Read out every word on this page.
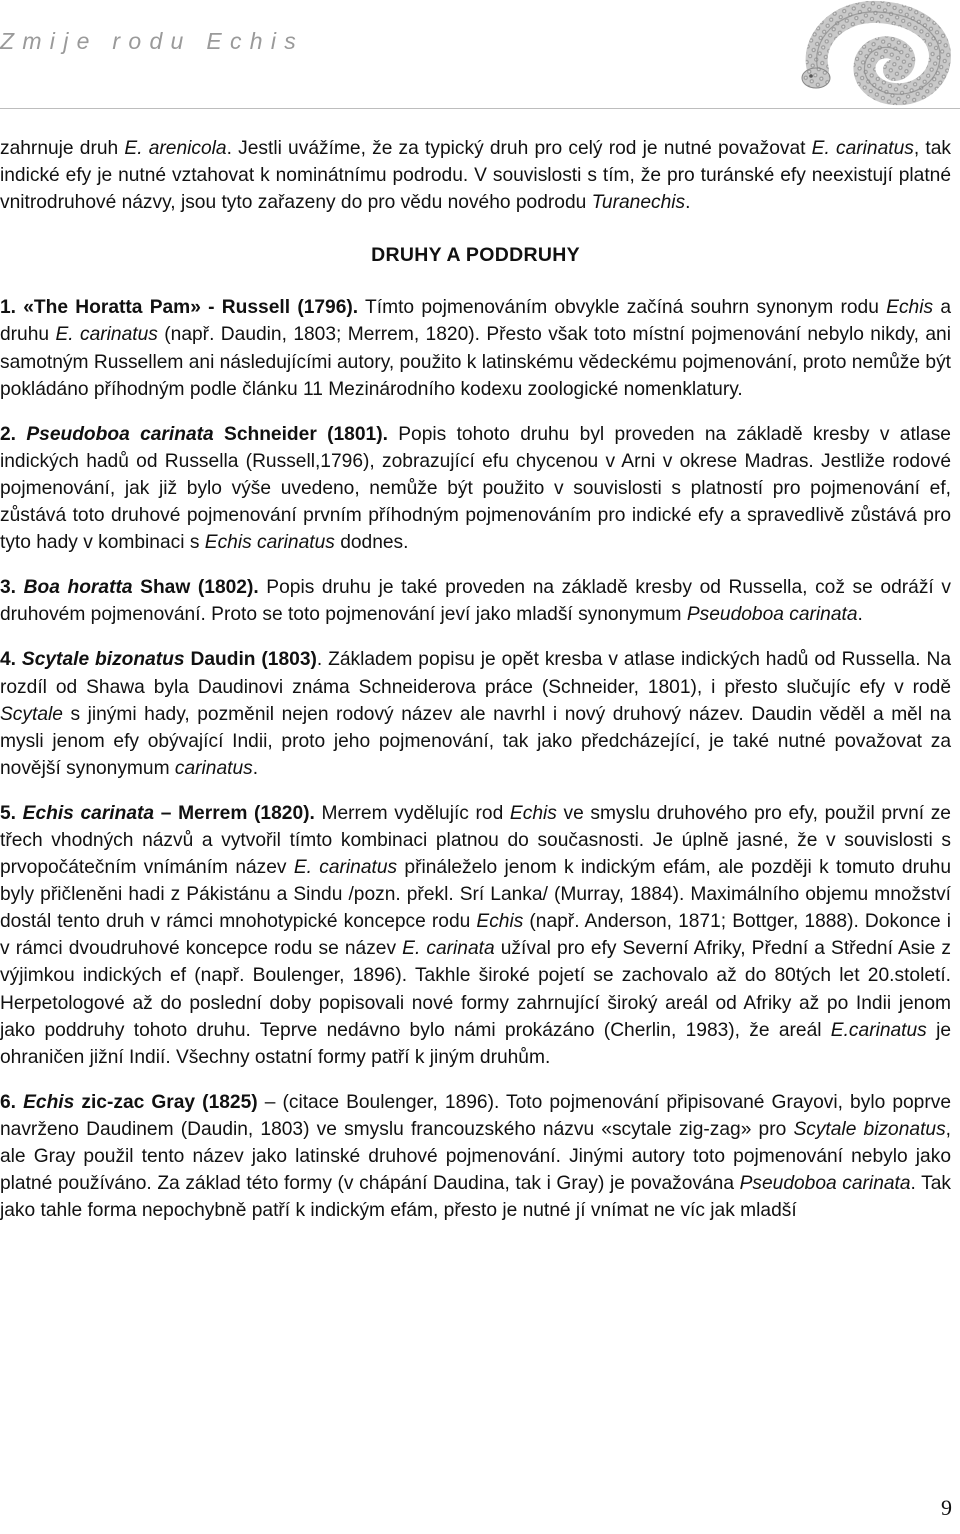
Zmije rodu Echis

zahrnuje druh E. arenicola. Jestli uvážíme, že za typický druh pro celý rod je nutné považovat E. carinatus, tak indické efy je nutné vztahovat k nominátnímu podrodu. V souvislosti s tím, že pro turánské efy neexistují platné vnitrodruhové názvy, jsou tyto zařazeny do pro vědu nového podrodu Turanechis.

DRUHY A PODDRUHY

1. «The Horatta Pam» - Russell (1796). Tímto pojmenováním obvykle začíná souhrn synonym rodu Echis a druhu E. carinatus (např. Daudin, 1803; Merrem, 1820). Přesto však toto místní pojmenování nebylo nikdy, ani samotným Russellem ani následujícími autory, použito k latinskému vědeckému pojmenování, proto nemůže být pokládáno příhodným podle článku 11 Mezinárodního kodexu zoologické nomenklatury.

2. Pseudoboa carinata Schneider (1801). Popis tohoto druhu byl proveden na základě kresby v atlase indických hadů od Russella (Russell,1796), zobrazující efu chycenou v Arni v okrese Madras. Jestliže rodové pojmenování, jak již bylo výše uvedeno, nemůže být použito v souvislosti s platností pro pojmenování ef, zůstává toto druhové pojmenování prvním příhodným pojmenováním pro indické efy a spravedlivě zůstává pro tyto hady v kombinaci s Echis carinatus dodnes.

3. Boa horatta Shaw (1802). Popis druhu je také proveden na základě kresby od Russella, což se odráží v druhovém pojmenování. Proto se toto pojmenování jeví jako mladší synonymum Pseudoboa carinata.

4. Scytale bizonatus Daudin (1803). Základem popisu je opět kresba v atlase indických hadů od Russella. Na rozdíl od Shawa byla Daudinovi známa Schneiderova práce (Schneider, 1801), i přesto slučujíc efy v rodě Scytale s jinými hady, pozměnil nejen rodový název ale navrhl i nový druhový název. Daudin věděl a měl na mysli jenom efy obývající Indii, proto jeho pojmenování, tak jako předcházející, je také nutné považovat za novější synonymum carinatus.

5. Echis carinata – Merrem (1820). Merrem vydělujíc rod Echis ve smyslu druhového pro efy, použil první ze třech vhodných názvů a vytvořil tímto kombinaci platnou do současnosti. Je úplně jasné, že v souvislosti s prvopočátečním vnímáním název E. carinatus přináleželo jenom k indickým efám, ale později k tomuto druhu byly přičleněni hadi z Pákistánu a Sindu /pozn. překl. Srí Lanka/ (Murray, 1884). Maximálního objemu množství dostál tento druh v rámci mnohotypické koncepce rodu Echis (např. Anderson, 1871; Bottger, 1888). Dokonce i v rámci dvoudruhové koncepce rodu se název E. carinata užíval pro efy Severní Afriky, Přední a Střední Asie z výjimkou indických ef (např. Boulenger, 1896). Takhle široké pojetí se zachovalo až do 80tých let 20.století. Herpetologové až do poslední doby popisovali nové formy zahrnující široký areál od Afriky až po Indii jenom jako poddruhy tohoto druhu. Teprve nedávno bylo námi prokázáno (Cherlin, 1983), že areál E.carinatus je ohraničen jižní Indií. Všechny ostatní formy patří k jiným druhům.

6. Echis zic-zac Gray (1825) – (citace Boulenger, 1896). Toto pojmenování připisované Grayovi, bylo poprve navrženo Daudinem (Daudin, 1803) ve smyslu francouzského názvu «scytale zig-zag» pro Scytale bizonatus, ale Gray použil tento název jako latinské druhové pojmenování. Jinými autory toto pojmenování nebylo jako platné používáno. Za základ této formy (v chápání Daudina, tak i Gray) je považována Pseudoboa carinata. Tak jako tahle forma nepochybně patří k indickým efám, přesto je nutné jí vnímat ne víc jak mladší

9
